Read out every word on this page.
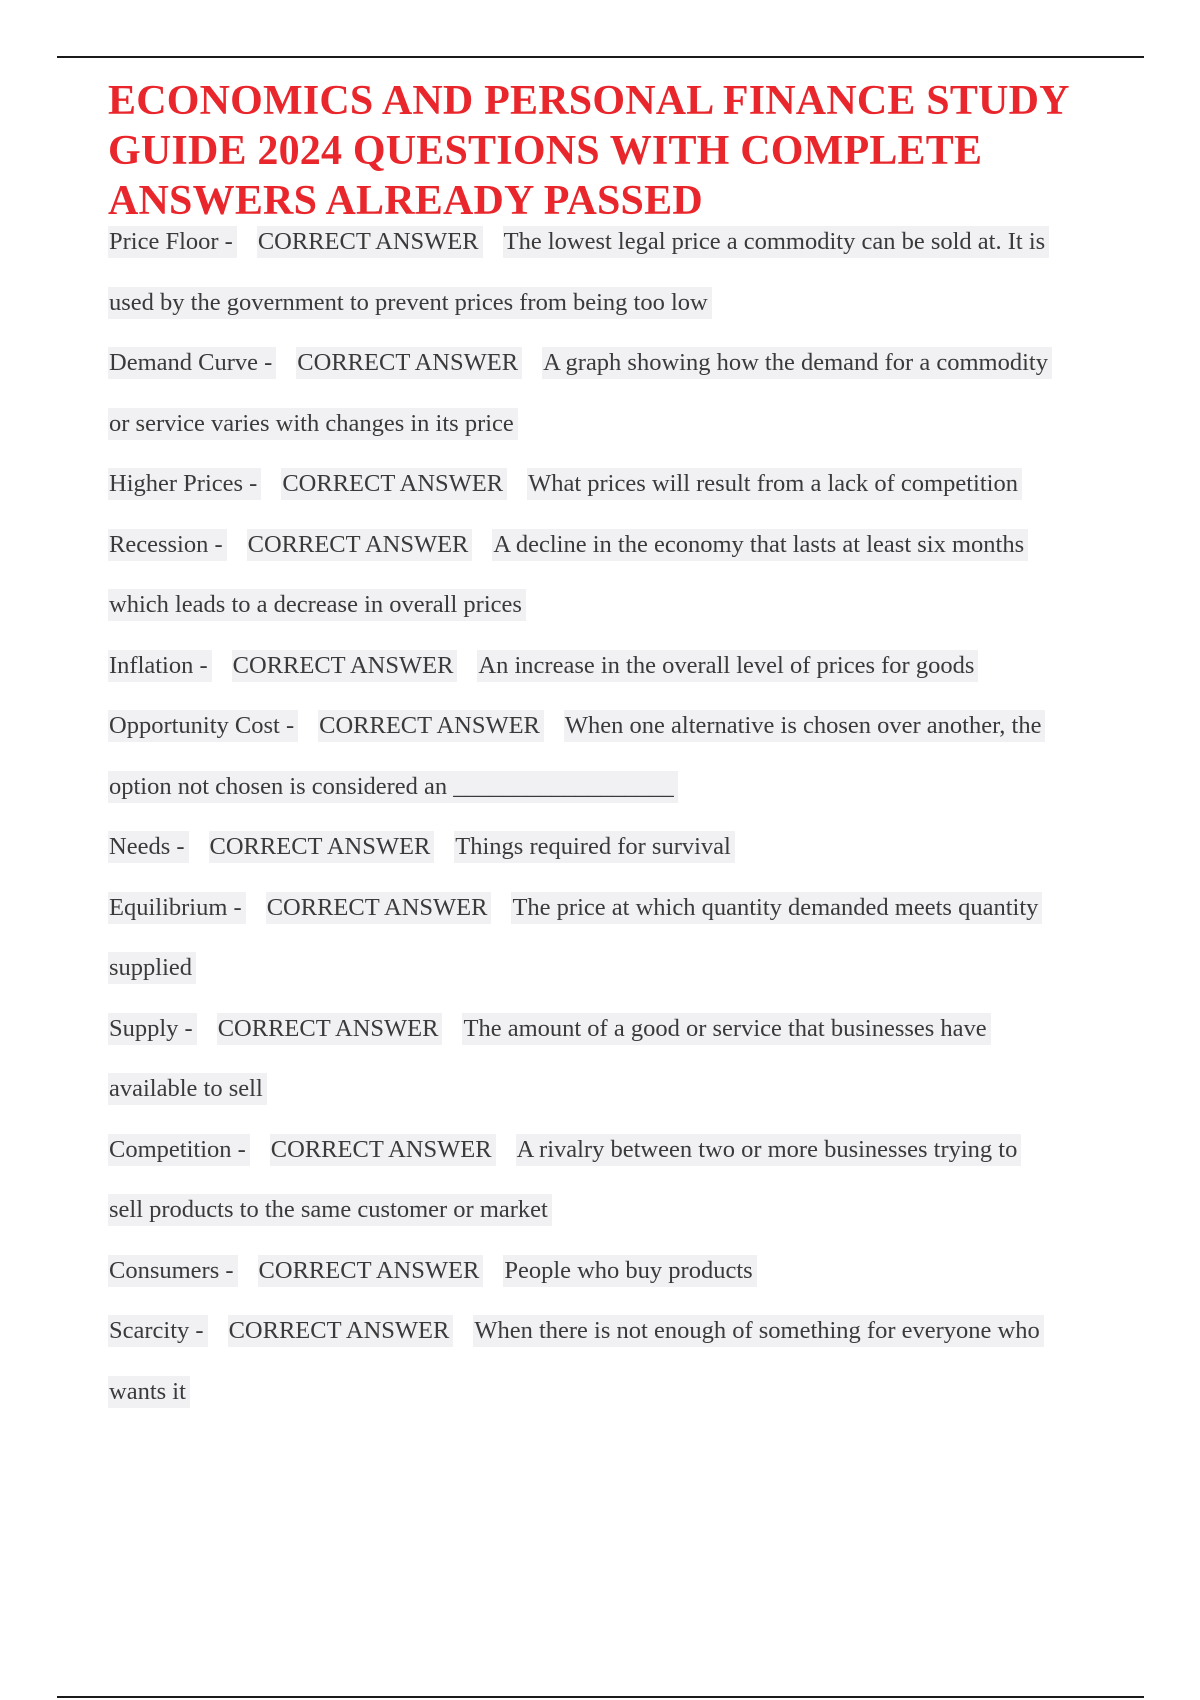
ECONOMICS AND PERSONAL FINANCE STUDY GUIDE 2024 QUESTIONS WITH COMPLETE ANSWERS ALREADY PASSED
Price Floor - CORRECT ANSWER The lowest legal price a commodity can be sold at. It is
used by the government to prevent prices from being too low
Demand Curve - CORRECT ANSWER A graph showing how the demand for a commodity
or service varies with changes in its price
Higher Prices - CORRECT ANSWER What prices will result from a lack of competition
Recession - CORRECT ANSWER A decline in the economy that lasts at least six months
which leads to a decrease in overall prices
Inflation - CORRECT ANSWER An increase in the overall level of prices for goods
Opportunity Cost - CORRECT ANSWER When one alternative is chosen over another, the
option not chosen is considered an __________________
Needs - CORRECT ANSWER Things required for survival
Equilibrium - CORRECT ANSWER The price at which quantity demanded meets quantity
supplied
Supply - CORRECT ANSWER The amount of a good or service that businesses have
available to sell
Competition - CORRECT ANSWER A rivalry between two or more businesses trying to
sell products to the same customer or market
Consumers - CORRECT ANSWER People who buy products
Scarcity - CORRECT ANSWER When there is not enough of something for everyone who
wants it
